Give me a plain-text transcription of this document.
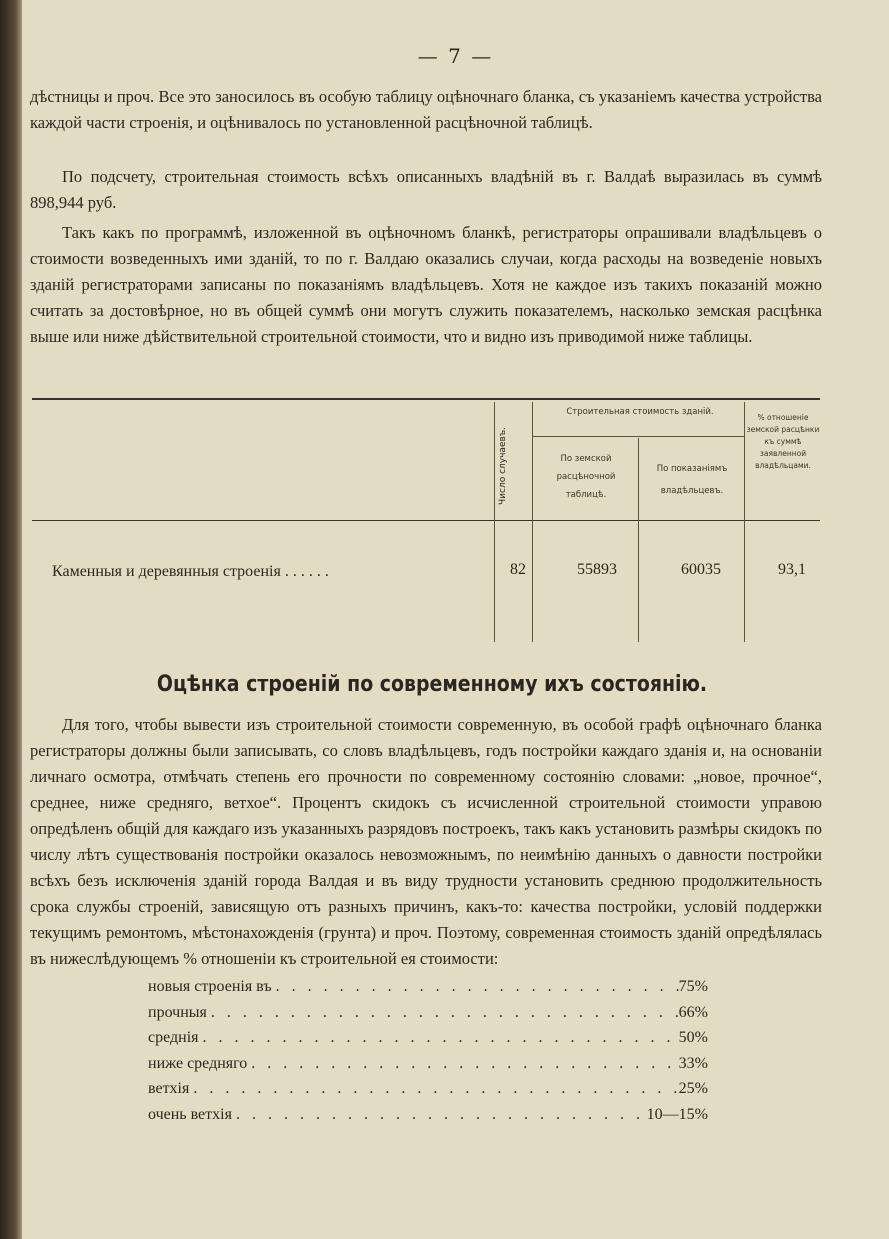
— 7 —
дѣстницы и проч. Все это заносилось въ особую таблицу оцѣночнаго бланка, съ указаніемъ качества устройства каждой части строенія, и оцѣнивалось по установленной расцѣночной таблицѣ.
По подсчету, строительная стоимость всѣхъ описанныхъ владѣній въ г. Валдаѣ выразилась въ суммѣ 898,944 руб.
Такъ какъ по программѣ, изложенной въ оцѣночномъ бланкѣ, регистраторы опрашивали владѣльцевъ о стоимости возведенныхъ ими зданій, то по г. Валдаю оказались случаи, когда расходы на возведеніе новыхъ зданій регистраторами записаны по показаніямъ владѣльцевъ. Хотя не каждое изъ такихъ показаній можно считать за достовѣрное, но въ общей суммѣ они могутъ служить показателемъ, насколько земская расцѣнка выше или ниже дѣйствительной строительной стоимости, что и видно изъ приводимой ниже таблицы.
Число случаевъ.
Строительная стоимость зданій.
По земской расцѣночной таблицѣ.
По показаніямъ владѣльцевъ.
% отношеніе земской расцѣнки къ суммѣ заявленной владѣльцами.
Каменныя и деревянныя строенія . . . . . .	82	55893	60035	93,1
Оцѣнка строеній по современному ихъ состоянію.
Для того, чтобы вывести изъ строительной стоимости современную, въ особой графѣ оцѣночнаго бланка регистраторы должны были записывать, со словъ владѣльцевъ, годъ постройки каждаго зданія и, на основаніи личнаго осмотра, отмѣчать степень его прочности по современному состоянію словами: „новое, прочное“, среднее, ниже средняго, ветхое“. Процентъ скидокъ съ исчисленной строительной стоимости управою опредѣленъ общій для каждаго изъ указанныхъ разрядовъ построекъ, такъ какъ установить размѣры скидокъ по числу лѣтъ существованія постройки оказалось невозможнымъ, по неимѣнію данныхъ о давности постройки всѣхъ безъ исключенія зданій города Валдая и въ виду трудности установить среднюю продолжительность срока службы строеній, зависящую отъ разныхъ причинъ, какъ-то: качества постройки, условій поддержки текущимъ ремонтомъ, мѣстонахожденія (грунта) и проч. Поэтому, современная стоимость зданій опредѣлялась въ нижеслѣдующемъ % отношеніи къ строительной ея стоимости:
новыя строенія въ . . .	75%
прочныя . . .	66%
среднія . . .	50%
ниже средняго . . .	33%
ветхія . . .	25%
очень ветхія . . .	10—15%
